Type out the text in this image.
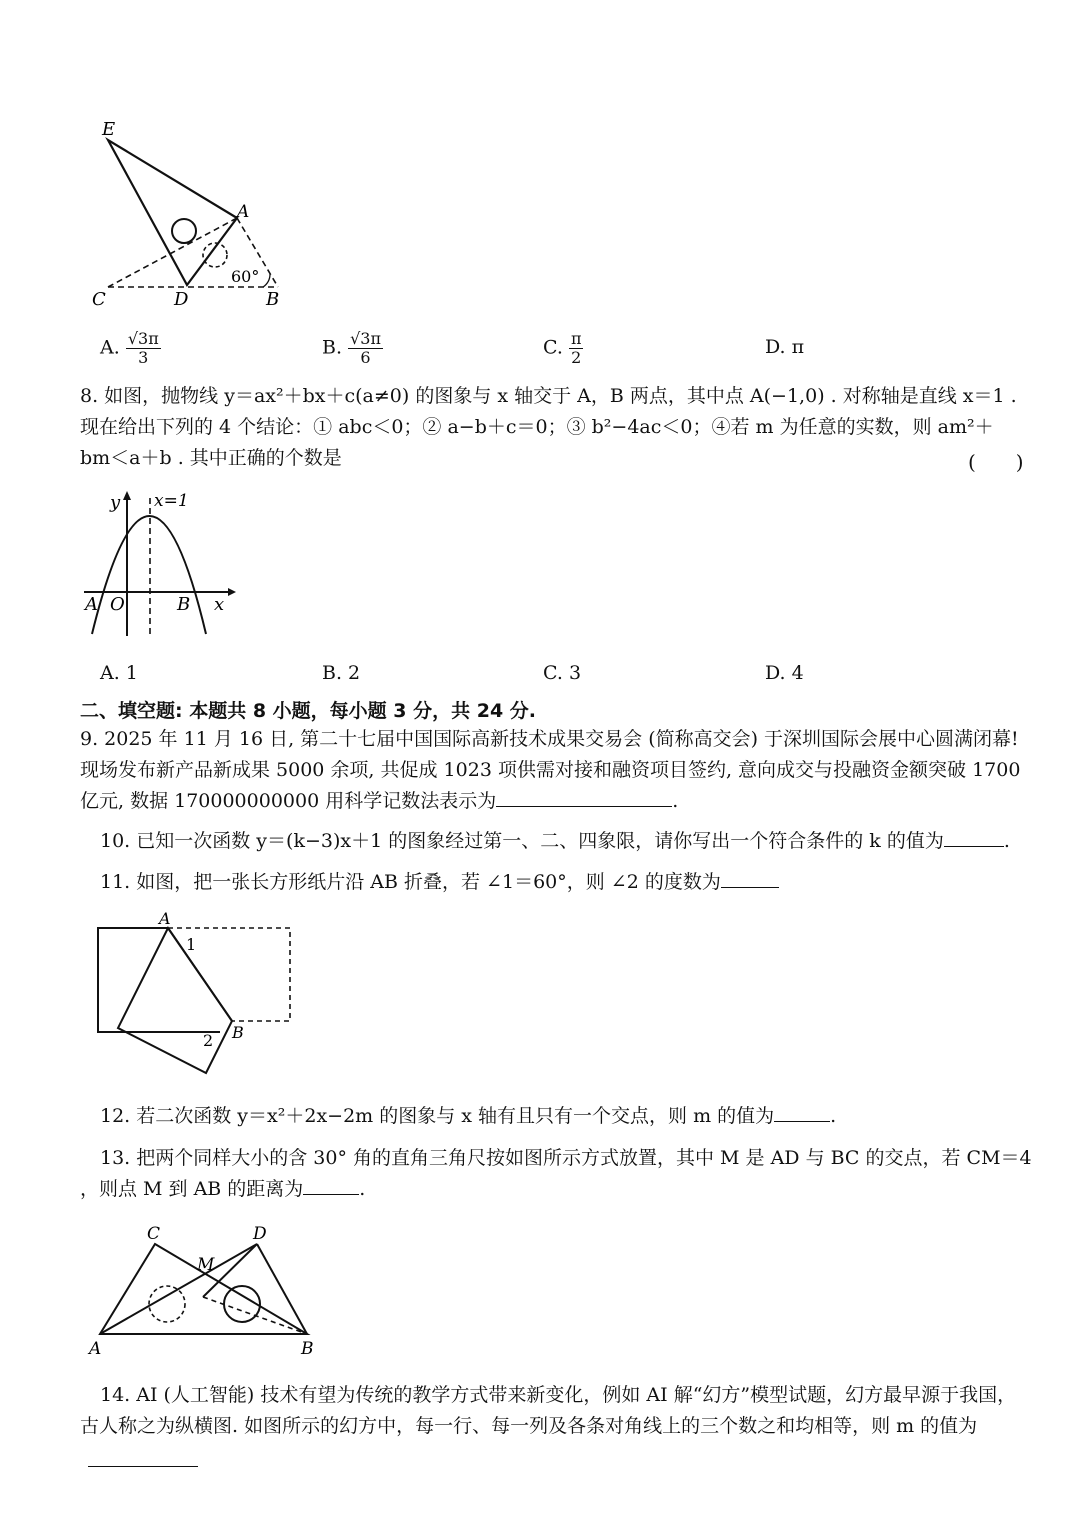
E
A
C	D	B
60°
A. $\frac{√3\pi}{3}$	B. $\frac{√3\pi}{6}$	C. $\frac{\pi}{2}$	D. π
8. 如图，抛物线 y＝ax²＋bx＋c(a≠0) 的图象与 x 轴交于 A，B 两点，其中点 A(−1,0) . 对称轴是直线 x＝1 .
现在给出下列的 4 个结论：① abc＜0；② a−b＋c＝0；③ b²−4ac＜0；④若 m 为任意的实数，则 am²＋
bm＜a＋b . 其中正确的个数是	(　　)
y x=1
A O	B x
A. 1	B. 2	C. 3	D. 4
二、填空题: 本题共 8 小题，每小题 3 分，共 24 分.
9. 2025 年 11 月 16 日, 第二十七届中国国际高新技术成果交易会 (简称高交会) 于深圳国际会展中心圆满闭幕!
现场发布新产品新成果 5000 余项, 共促成 1023 项供需对接和融资项目签约, 意向成交与投融资金额突破 1700
亿元, 数据 170000000000 用科学记数法表示为	.
10. 已知一次函数 y＝(k−3)x＋1 的图象经过第一、二、四象限，请你写出一个符合条件的 k 的值为	.
11. 如图，把一张长方形纸片沿 AB 折叠，若 ∠1＝60°，则 ∠2 的度数为
A
1
2 B
12. 若二次函数 y＝x²＋2x−2m 的图象与 x 轴有且只有一个交点，则 m 的值为	.
13. 把两个同样大小的含 30° 角的直角三角尺按如图所示方式放置，其中 M 是 AD 与 BC 的交点，若 CM＝4
，则点 M 到 AB 的距离为	.
C
M
D
A	B
14. AI (人工智能) 技术有望为传统的教学方式带来新变化，例如 AI 解“幻方”模型试题，幻方最早源于我国，
古人称之为纵横图. 如图所示的幻方中，每一行、每一列及各条对角线上的三个数之和均相等，则 m 的值为
